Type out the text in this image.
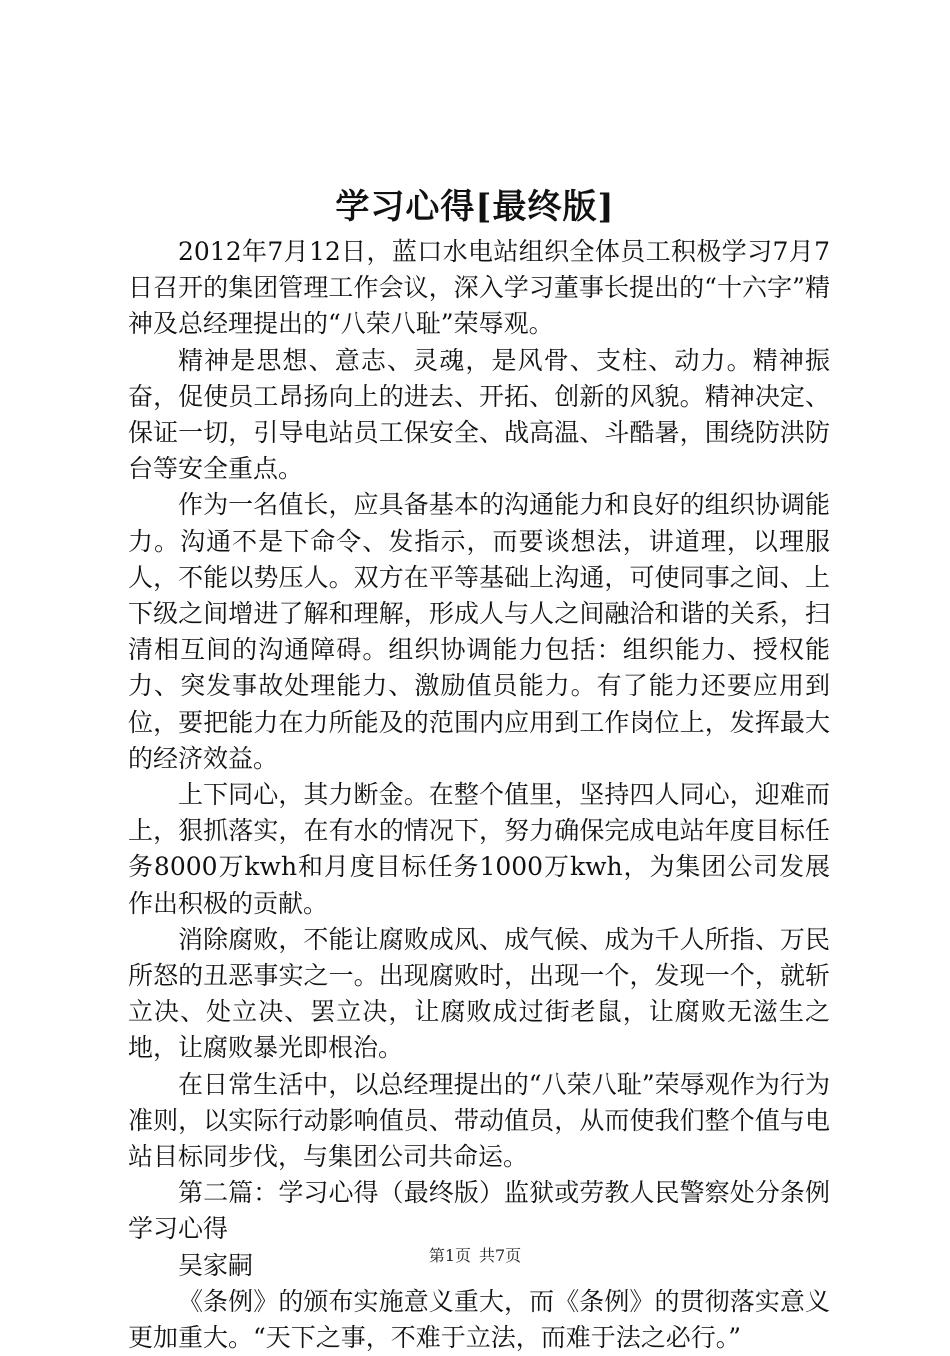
学习心得[最终版]

2012年7月12日，蓝口水电站组织全体员工积极学习7月7日召开的集团管理工作会议，深入学习董事长提出的“十六字”精神及总经理提出的“八荣八耻”荣辱观。

精神是思想、意志、灵魂，是风骨、支柱、动力。精神振奋，促使员工昂扬向上的进去、开拓、创新的风貌。精神决定、保证一切，引导电站员工保安全、战高温、斗酷暑，围绕防洪防台等安全重点。

作为一名值长，应具备基本的沟通能力和良好的组织协调能力。沟通不是下命令、发指示，而要谈想法，讲道理，以理服人，不能以势压人。双方在平等基础上沟通，可使同事之间、上下级之间增进了解和理解，形成人与人之间融洽和谐的关系，扫清相互间的沟通障碍。组织协调能力包括：组织能力、授权能力、突发事故处理能力、激励值员能力。有了能力还要应用到位，要把能力在力所能及的范围内应用到工作岗位上，发挥最大的经济效益。

上下同心，其力断金。在整个值里，坚持四人同心，迎难而上，狠抓落实，在有水的情况下，努力确保完成电站年度目标任务8000万kwh和月度目标任务1000万kwh，为集团公司发展作出积极的贡献。

消除腐败，不能让腐败成风、成气候、成为千人所指、万民所怒的丑恶事实之一。出现腐败时，出现一个，发现一个，就斩立决、处立决、罢立决，让腐败成过街老鼠，让腐败无滋生之地，让腐败暴光即根治。

在日常生活中，以总经理提出的“八荣八耻”荣辱观作为行为准则，以实际行动影响值员、带动值员，从而使我们整个值与电站目标同步伐，与集团公司共命运。

第二篇：学习心得（最终版）监狱或劳教人民警察处分条例学习心得

吴家嗣

《条例》的颁布实施意义重大，而《条例》的贯彻落实意义更加重大。“天下之事，不难于立法，而难于法之必行。”

第1页 共7页
